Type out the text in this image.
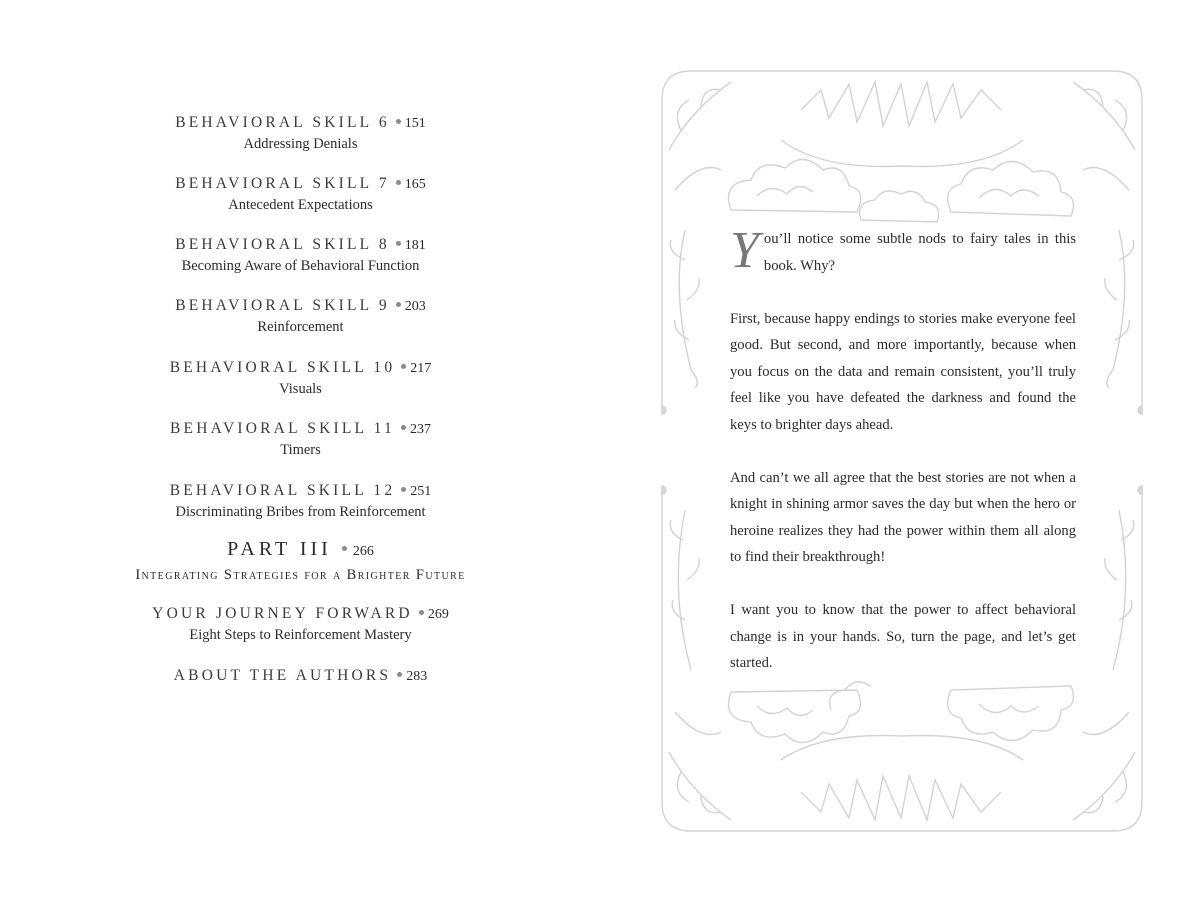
BEHAVIORAL SKILL 6 151
Addressing Denials
BEHAVIORAL SKILL 7 165
Antecedent Expectations
BEHAVIORAL SKILL 8 181
Becoming Aware of Behavioral Function
BEHAVIORAL SKILL 9 203
Reinforcement
BEHAVIORAL SKILL 10 217
Visuals
BEHAVIORAL SKILL 11 237
Timers
BEHAVIORAL SKILL 12 251
Discriminating Bribes from Reinforcement
PART III 266
Integrating Strategies for a Brighter Future
YOUR JOURNEY FORWARD 269
Eight Steps to Reinforcement Mastery
ABOUT THE AUTHORS 283

You’ll notice some subtle nods to fairy tales in this book. Why?

First, because happy endings to stories make everyone feel good. But second, and more importantly, because when you focus on the data and remain consistent, you’ll truly feel like you have defeated the darkness and found the keys to brighter days ahead.

And can’t we all agree that the best stories are not when a knight in shining armor saves the day but when the hero or heroine realizes they had the power within them all along to find their breakthrough!

I want you to know that the power to affect behavioral change is in your hands. So, turn the page, and let’s get started.
